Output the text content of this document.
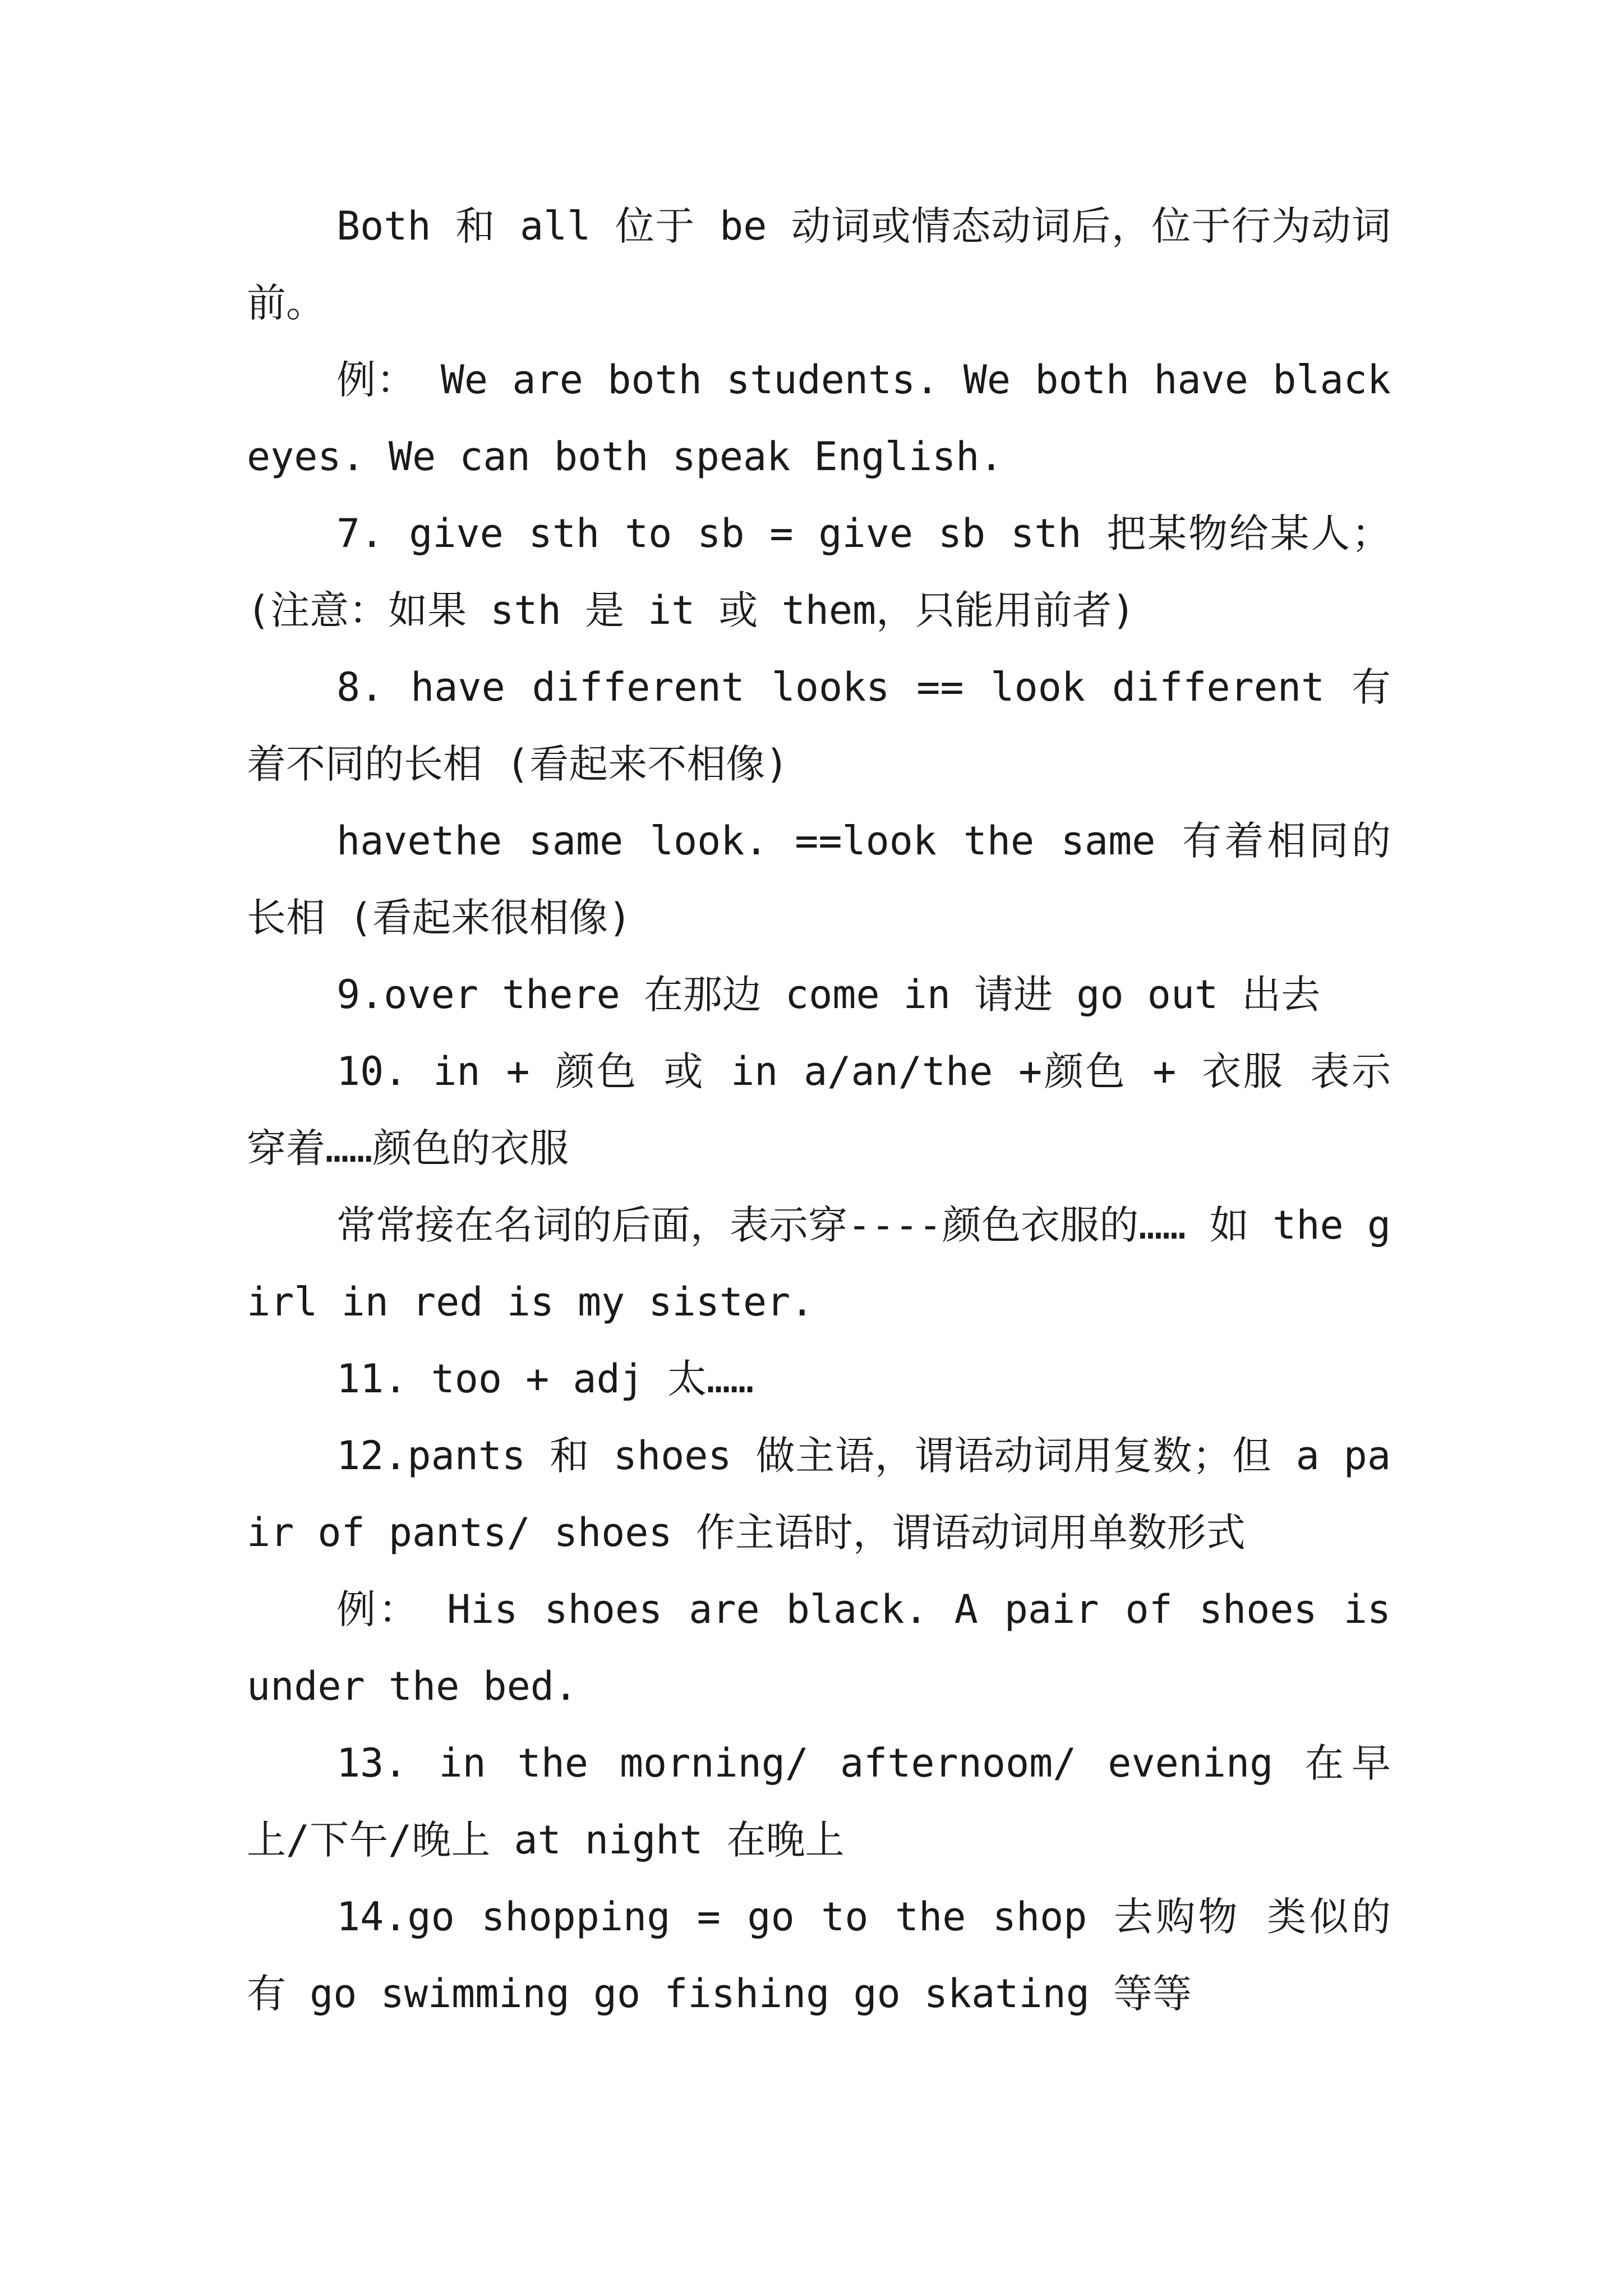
Both 和 all 位于 be 动词或情态动词后，位于行为动词前。

例： We are both students. We both have black eyes. We can both speak English.

7. give sth to sb = give sb sth 把某物给某人；(注意：如果 sth 是 it 或 them，只能用前者)

8. have different looks == look different 有着不同的长相 (看起来不相像)

havethe same look. ==look the same 有着相同的长相 (看起来很相像)

9.over there 在那边 come in 请进 go out 出去

10. in + 颜色 或 in a/an/the +颜色 + 衣服 表示穿着……颜色的衣服

常常接在名词的后面，表示穿----颜色衣服的…… 如 the girl in red is my sister.

11. too + adj 太……

12.pants 和 shoes 做主语，谓语动词用复数；但 a pair of pants/ shoes 作主语时，谓语动词用单数形式

例： His shoes are black. A pair of shoes is under the bed.

13. in the morning/ afternoom/ evening 在早上/下午/晚上 at night 在晚上

14.go shopping = go to the shop 去购物 类似的有 go swimming go fishing go skating 等等
